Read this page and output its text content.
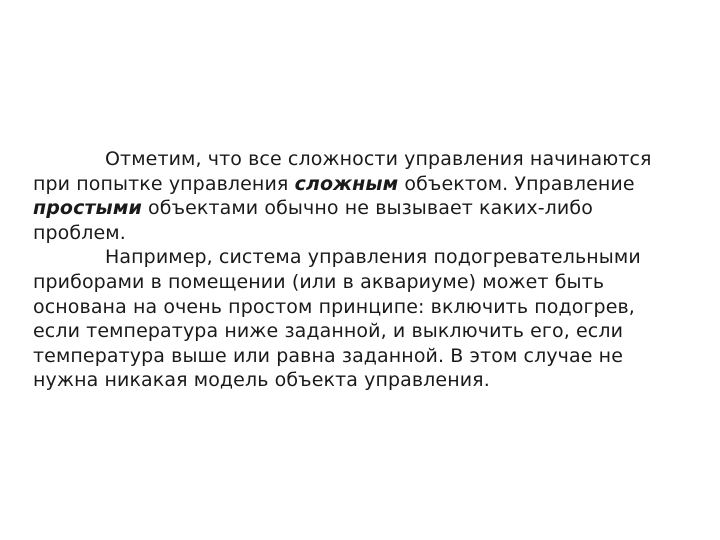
Отметим, что все сложности управления начинаются при попытке управления сложным объектом. Управление простыми объектами обычно не вызывает каких-либо проблем.

Например, система управления подогревательными приборами в помещении (или в аквариуме) может быть основана на очень простом принципе: включить подогрев, если температура ниже заданной, и выключить его, если температура выше или равна заданной. В этом случае не нужна никакая модель объекта управления.
